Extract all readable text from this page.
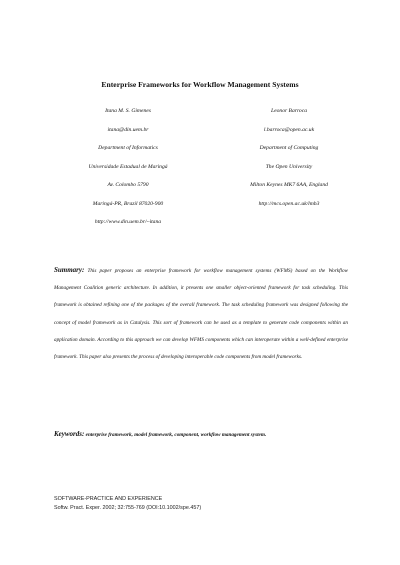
Enterprise Frameworks for Workflow Management Systems
Itana M. S. Gimenes
itana@din.uem.br
Department of Informatics
Universidade Estadual de Maringá
Av. Colombo 5790
Maringá-PR, Brazil 87020-900
http://www.din.uem.br/~itana
Leonor Barroca
l.barroca@open.ac.uk
Department of Computing
The Open University
Milton Keynes MK7 6AA, England
http://mcs.open.ac.uk/lmb3
Summary: This paper proposes an enterprise framework for workflow management systems (WFMS) based on the Workflow Management Coalition generic architecture. In addition, it presents one smaller object-oriented framework for task scheduling. This framework is obtained refining one of the packages of the overall framework. The task scheduling framework was designed following the concept of model framework as in Catalysis. This sort of framework can be used as a template to generate code components within an application domain. According to this approach we can develop WFMS components which can interoperate within a well-defined enterprise framework. This paper also presents the process of developing interoperable code components from model frameworks.
Keywords: enterprise framework, model framework, component, workflow management system.
SOFTWARE-PRACTICE AND EXPERIENCE
Softw. Pract. Exper. 2002; 32:755-769 (DOI:10.1002/spe.457)
